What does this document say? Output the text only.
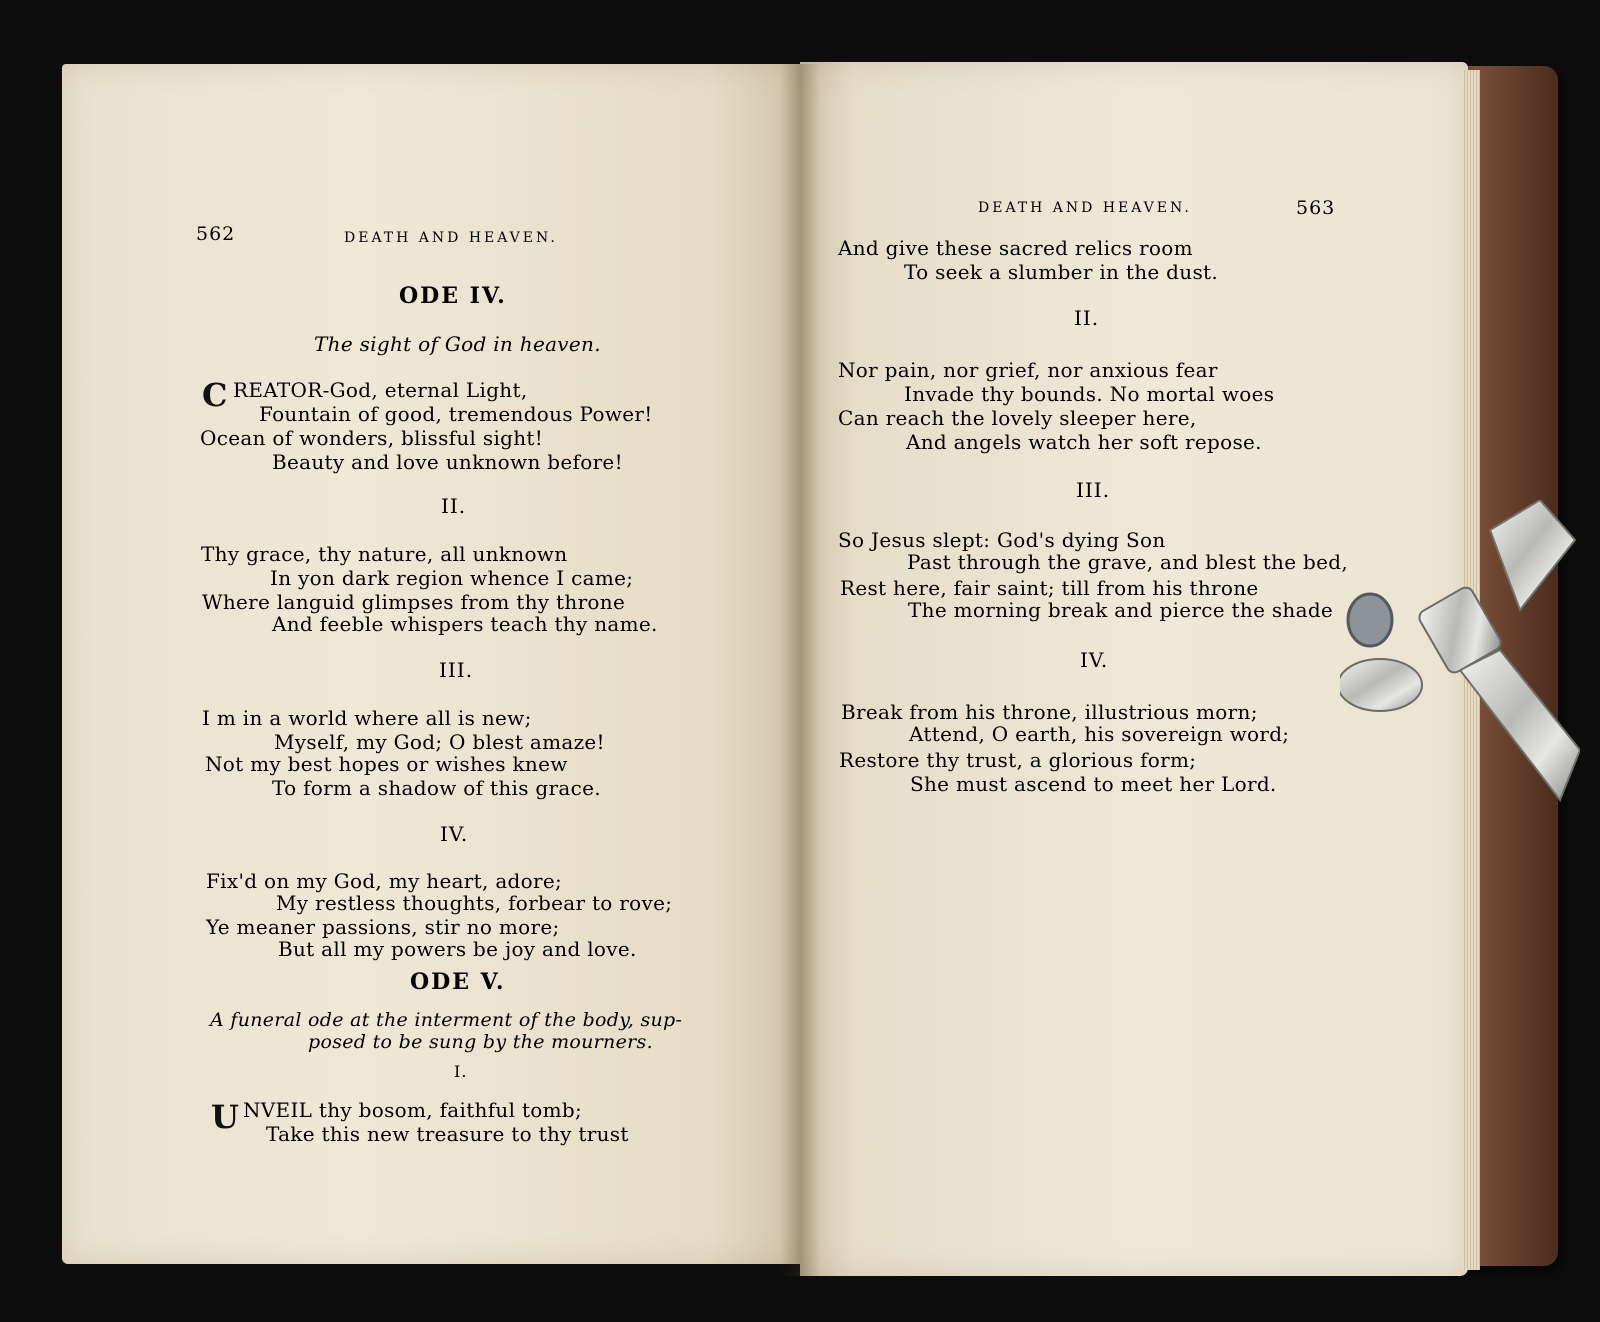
562	DEATH AND HEAVEN.
ODE IV.
The sight of God in heaven.
C REATOR-God, eternal Light,
Fountain of good, tremendous Power!
Ocean of wonders, blissful sight!
Beauty and love unknown before!
II.
Thy grace, thy nature, all unknown
In yon dark region whence I came;
Where languid glimpses from thy throne
And feeble whispers teach thy name.
III.
I m in a world where all is new;
Myself, my God; O blest amaze!
Not my best hopes or wishes knew
To form a shadow of this grace.
IV.
Fix'd on my God, my heart, adore;
My restless thoughts, forbear to rove;
Ye meaner passions, stir no more;
But all my powers be joy and love.
ODE V.
A funeral ode at the interment of the body, sup-
posed to be sung by the mourners.
I.
U NVEIL thy bosom, faithful tomb;
Take this new treasure to thy trust
DEATH AND HEAVEN.	563
And give these sacred relics room
To seek a slumber in the dust.
II.
Nor pain, nor grief, nor anxious fear
Invade thy bounds. No mortal woes
Can reach the lovely sleeper here,
And angels watch her soft repose.
III.
So Jesus slept: God's dying Son
Past through the grave, and blest the bed,
Rest here, fair saint; till from his throne
The morning break and pierce the shade
IV.
Break from his throne, illustrious morn;
Attend, O earth, his sovereign word;
Restore thy trust, a glorious form;
She must ascend to meet her Lord.
